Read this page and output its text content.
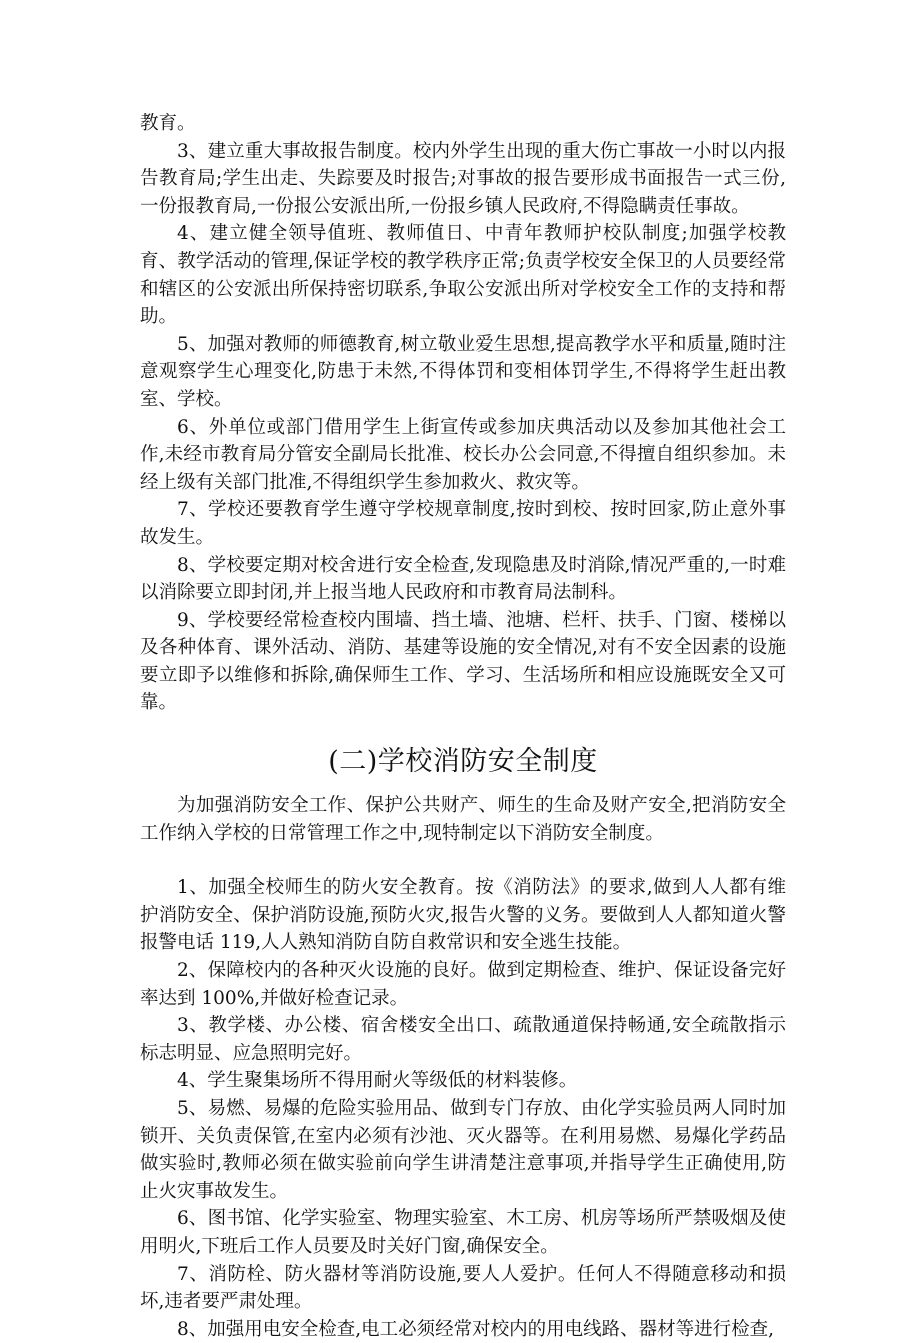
教育。

3、建立重大事故报告制度。校内外学生出现的重大伤亡事故一小时以内报告教育局;学生出走、失踪要及时报告;对事故的报告要形成书面报告一式三份,一份报教育局,一份报公安派出所,一份报乡镇人民政府,不得隐瞒责任事故。

4、建立健全领导值班、教师值日、中青年教师护校队制度;加强学校教育、教学活动的管理,保证学校的教学秩序正常;负责学校安全保卫的人员要经常和辖区的公安派出所保持密切联系,争取公安派出所对学校安全工作的支持和帮助。

5、加强对教师的师德教育,树立敬业爱生思想,提高教学水平和质量,随时注意观察学生心理变化,防患于未然,不得体罚和变相体罚学生,不得将学生赶出教室、学校。

6、外单位或部门借用学生上街宣传或参加庆典活动以及参加其他社会工作,未经市教育局分管安全副局长批准、校长办公会同意,不得擅自组织参加。未经上级有关部门批准,不得组织学生参加救火、救灾等。

7、学校还要教育学生遵守学校规章制度,按时到校、按时回家,防止意外事故发生。

8、学校要定期对校舍进行安全检查,发现隐患及时消除,情况严重的,一时难以消除要立即封闭,并上报当地人民政府和市教育局法制科。

9、学校要经常检查校内围墙、挡土墙、池塘、栏杆、扶手、门窗、楼梯以及各种体育、课外活动、消防、基建等设施的安全情况,对有不安全因素的设施要立即予以维修和拆除,确保师生工作、学习、生活场所和相应设施既安全又可靠。

(二)学校消防安全制度

为加强消防安全工作、保护公共财产、师生的生命及财产安全,把消防安全工作纳入学校的日常管理工作之中,现特制定以下消防安全制度。

1、加强全校师生的防火安全教育。按《消防法》的要求,做到人人都有维护消防安全、保护消防设施,预防火灾,报告火警的义务。要做到人人都知道火警报警电话 119,人人熟知消防自防自救常识和安全逃生技能。

2、保障校内的各种灭火设施的良好。做到定期检查、维护、保证设备完好率达到 100%,并做好检查记录。

3、教学楼、办公楼、宿舍楼安全出口、疏散通道保持畅通,安全疏散指示标志明显、应急照明完好。

4、学生聚集场所不得用耐火等级低的材料装修。

5、易燃、易爆的危险实验用品、做到专门存放、由化学实验员两人同时加锁开、关负责保管,在室内必须有沙池、灭火器等。在利用易燃、易爆化学药品做实验时,教师必须在做实验前向学生讲清楚注意事项,并指导学生正确使用,防止火灾事故发生。

6、图书馆、化学实验室、物理实验室、木工房、机房等场所严禁吸烟及使用明火,下班后工作人员要及时关好门窗,确保安全。

7、消防栓、防火器材等消防设施,要人人爱护。任何人不得随意移动和损坏,违者要严肃处理。

8、加强用电安全检查,电工必须经常对校内的用电线路、器材等进行检查,
